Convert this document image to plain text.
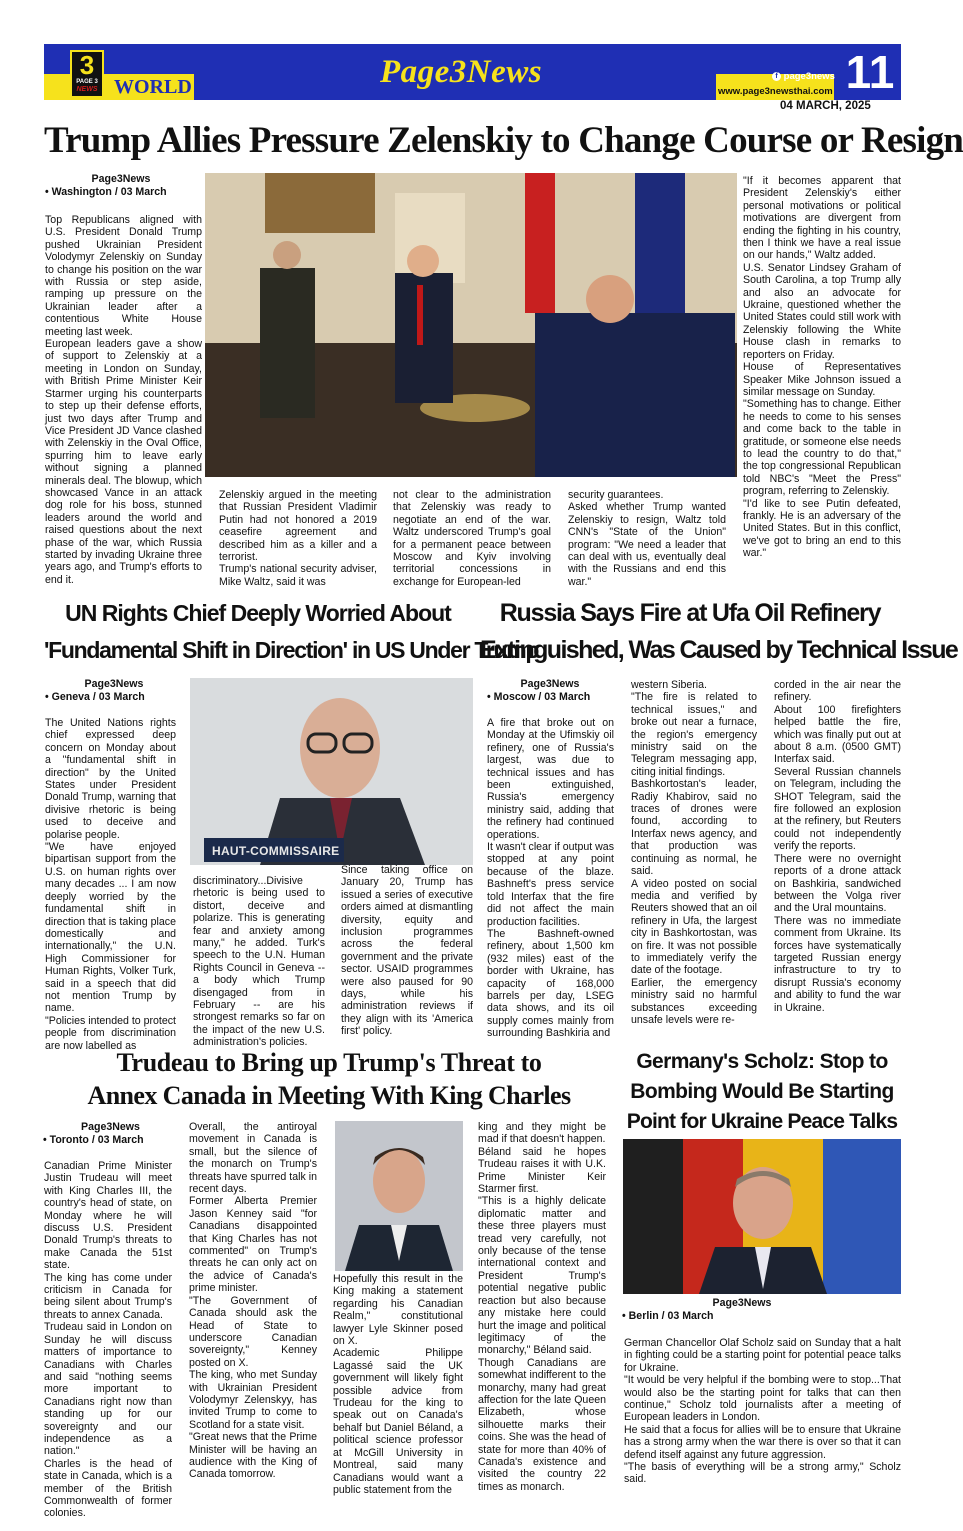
3
PAGE 3
NEWS WORLD	Page3News	f page3news
www.page3newsthai.com 11
04 MARCH, 2025
Trump Allies Pressure Zelenskiy to Change Course or Resign
Page3News
• Washington / 03 March

Top Republicans aligned with U.S. President Donald Trump pushed Ukrainian President Volodymyr Zelenskiy on Sunday to change his position on the war with Russia or step aside, ramping up pressure on the Ukrainian leader after a contentious White House meeting last week.

European leaders gave a show of support to Zelenskiy at a meeting in London on Sunday, with British Prime Minister Keir Starmer urging his counterparts to step up their defense efforts, just two days after Trump and Vice President JD Vance clashed with Zelenskiy in the Oval Office, spurring him to leave early without signing a planned minerals deal. The blowup, which showcased Vance in an attack dog role for his boss, stunned leaders around the world and raised questions about the next phase of the war, which Russia started by invading Ukraine three years ago, and Trump's efforts to end it.

Zelenskiy argued in the meeting that Russian President Vladimir Putin had not honored a 2019 ceasefire agreement and described him as a killer and a terrorist.

Trump's national security adviser, Mike Waltz, said it was

not clear to the administration that Zelenskiy was ready to negotiate an end of the war. Waltz underscored Trump's goal for a permanent peace between Moscow and Kyiv involving territorial concessions in exchange for European-led

security guarantees.

Asked whether Trump wanted Zelenskiy to resign, Waltz told CNN's "State of the Union" program: "We need a leader that can deal with us, eventually deal with the Russians and end this war."

"If it becomes apparent that President Zelenskiy's either personal motivations or political motivations are divergent from ending the fighting in his country, then I think we have a real issue on our hands," Waltz added.

U.S. Senator Lindsey Graham of South Carolina, a top Trump ally and also an advocate for Ukraine, questioned whether the United States could still work with Zelenskiy following the White House clash in remarks to reporters on Friday.

House of Representatives Speaker Mike Johnson issued a similar message on Sunday.

"Something has to change. Either he needs to come to his senses and come back to the table in gratitude, or someone else needs to lead the country to do that," the top congressional Republican told NBC's "Meet the Press" program, referring to Zelenskiy.

"I'd like to see Putin defeated, frankly. He is an adversary of the United States. But in this conflict, we've got to bring an end to this war."

UN Rights Chief Deeply Worried About
'Fundamental Shift in Direction' in US Under Trump
Page3News
• Geneva / 03 March

The United Nations rights chief expressed deep concern on Monday about a "fundamental shift in direction" by the United States under President Donald Trump, warning that divisive rhetoric is being used to deceive and polarise people.

"We have enjoyed bipartisan support from the U.S. on human rights over many decades ... I am now deeply worried by the fundamental shift in direction that is taking place domestically and internationally," the U.N. High Commissioner for Human Rights, Volker Turk, said in a speech that did not mention Trump by name.

"Policies intended to protect people from discrimination are now labelled as

HAUT-COMMISSAIRE

discriminatory...Divisive rhetoric is being used to distort, deceive and polarize. This is generating fear and anxiety among many," he added. Turk's speech to the U.N. Human Rights Council in Geneva -- a body which Trump disengaged from in February -- are his strongest remarks so far on the impact of the new U.S. administration's policies.

Since taking office on January 20, Trump has issued a series of executive orders aimed at dismantling diversity, equity and inclusion programmes across the federal government and the private sector. USAID programmes were also paused for 90 days, while his administration reviews if they align with its 'America first' policy.

Russia Says Fire at Ufa Oil Refinery
Extinguished, Was Caused by Technical Issue
Page3News
• Moscow / 03 March

A fire that broke out on Monday at the Ufimskiy oil refinery, one of Russia's largest, was due to technical issues and has been extinguished, Russia's emergency ministry said, adding that the refinery had continued operations.

It wasn't clear if output was stopped at any point because of the blaze. Bashneft's press service told Interfax that the fire did not affect the main production facilities.

The Bashneft-owned refinery, about 1,500 km (932 miles) east of the border with Ukraine, has capacity of 168,000 barrels per day, LSEG data shows, and its oil supply comes mainly from surrounding Bashkiria and

western Siberia.

"The fire is related to technical issues," and broke out near a furnace, the region's emergency ministry said on the Telegram messaging app, citing initial findings.

Bashkortostan's leader, Radiy Khabirov, said no traces of drones were found, according to Interfax news agency, and that production was continuing as normal, he said.

A video posted on social media and verified by Reuters showed that an oil refinery in Ufa, the largest city in Bashkortostan, was on fire. It was not possible to immediately verify the date of the footage.

Earlier, the emergency ministry said no harmful substances exceeding unsafe levels were re-

corded in the air near the refinery.

About 100 firefighters helped battle the fire, which was finally put out at about 8 a.m. (0500 GMT) Interfax said.

Several Russian channels on Telegram, including the SHOT Telegram, said the fire followed an explosion at the refinery, but Reuters could not independently verify the reports.

There were no overnight reports of a drone attack on Bashkiria, sandwiched between the Volga river and the Ural mountains.

There was no immediate comment from Ukraine. Its forces have systematically targeted Russian energy infrastructure to try to disrupt Russia's economy and ability to fund the war in Ukraine.

Trudeau to Bring up Trump's Threat to
Annex Canada in Meeting With King Charles
Page3News
• Toronto / 03 March

Canadian Prime Minister Justin Trudeau will meet with King Charles III, the country's head of state, on Monday where he will discuss U.S. President Donald Trump's threats to make Canada the 51st state.

The king has come under criticism in Canada for being silent about Trump's threats to annex Canada.

Trudeau said in London on Sunday he will discuss matters of importance to Canadians with Charles and said "nothing seems more important to Canadians right now than standing up for our sovereignty and our independence as a nation."

Charles is the head of state in Canada, which is a member of the British Commonwealth of former colonies.

Overall, the antiroyal movement in Canada is small, but the silence of the monarch on Trump's threats have spurred talk in recent days.

Former Alberta Premier Jason Kenney said "for Canadians disappointed that King Charles has not commented" on Trump's threats he can only act on the advice of Canada's prime minister.

"The Government of Canada should ask the Head of State to underscore Canadian sovereignty," Kenney posted on X.

The king, who met Sunday with Ukrainian President Volodymyr Zelenskyy, has invited Trump to come to Scotland for a state visit.

"Great news that the Prime Minister will be having an audience with the King of Canada tomorrow.

Hopefully this result in the King making a statement regarding his Canadian Realm," constitutional lawyer Lyle Skinner posed on X.

Academic Philippe Lagassé said the UK government will likely fight possible advice from Trudeau for the king to speak out on Canada's behalf but Daniel Béland, a political science professor at McGill University in Montreal, said many Canadians would want a public statement from the

king and they might be mad if that doesn't happen.

Béland said he hopes Trudeau raises it with U.K. Prime Minister Keir Starmer first.

"This is a highly delicate diplomatic matter and these three players must tread very carefully, not only because of the tense international context and President Trump's potential negative public reaction but also because any mistake here could hurt the image and political legitimacy of the monarchy," Béland said.

Though Canadians are somewhat indifferent to the monarchy, many had great affection for the late Queen Elizabeth, whose silhouette marks their coins. She was the head of state for more than 40% of Canada's existence and visited the country 22 times as monarch.

Germany's Scholz: Stop to
Bombing Would Be Starting
Point for Ukraine Peace Talks
Page3News
• Berlin / 03 March

German Chancellor Olaf Scholz said on Sunday that a halt in fighting could be a starting point for potential peace talks for Ukraine.

"It would be very helpful if the bombing were to stop...That would also be the starting point for talks that can then continue," Scholz told journalists after a meeting of European leaders in London.

He said that a focus for allies will be to ensure that Ukraine has a strong army when the war there is over so that it can defend itself against any future aggression.

"The basis of everything will be a strong army," Scholz said.
